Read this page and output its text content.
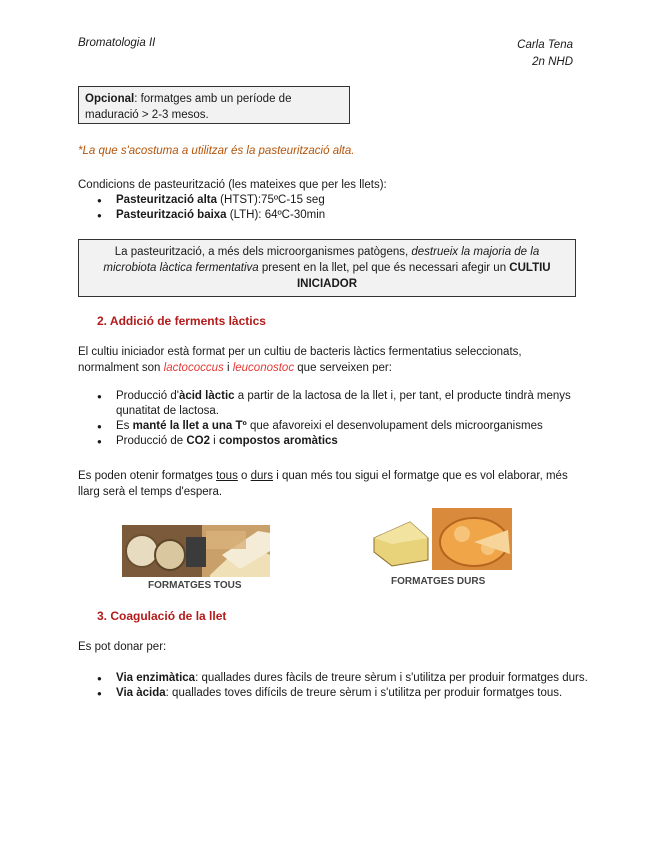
Bromatologia II	Carla Tena
2n NHD
Opcional: formatges amb un període de maduració > 2-3 mesos.
*La que s'acostuma a utilitzar és la pasteurització alta.
Condicions de pasteurització (les mateixes que per les llets):
● Pasteurització alta (HTST):75ºC-15 seg
● Pasteurització baixa (LTH): 64ºC-30min
La pasteurització, a més dels microorganismes patògens, destrueix la majoria de la microbiota làctica fermentativa present en la llet, pel que és necessari afegir un CULTIU INICIADOR
2. Addició de ferments làctics
El cultiu iniciador està format per un cultiu de bacteris làctics fermentatius seleccionats, normalment son lactococcus i leuconostoc que serveixen per:
● Producció d'àcid làctic a partir de la lactosa de la llet i, per tant, el producte tindrà menys qunatitat de lactosa.
● Es manté la llet a una Tº que afavoreixi el desenvolupament dels microorganismes
● Producció de CO2 i compostos aromàtics
Es poden otenir formatges tous o durs i quan més tou sigui el formatge que es vol elaborar, més llarg serà el temps d'espera.
FORMATGES TOUS	FORMATGES DURS
3. Coagulació de la llet
Es pot donar per:
● Via enzimàtica: quallades dures fàcils de treure sèrum i s'utilitza per produir formatges durs.
● Via àcida: quallades toves difícils de treure sèrum i s'utilitza per produir formatges tous.
